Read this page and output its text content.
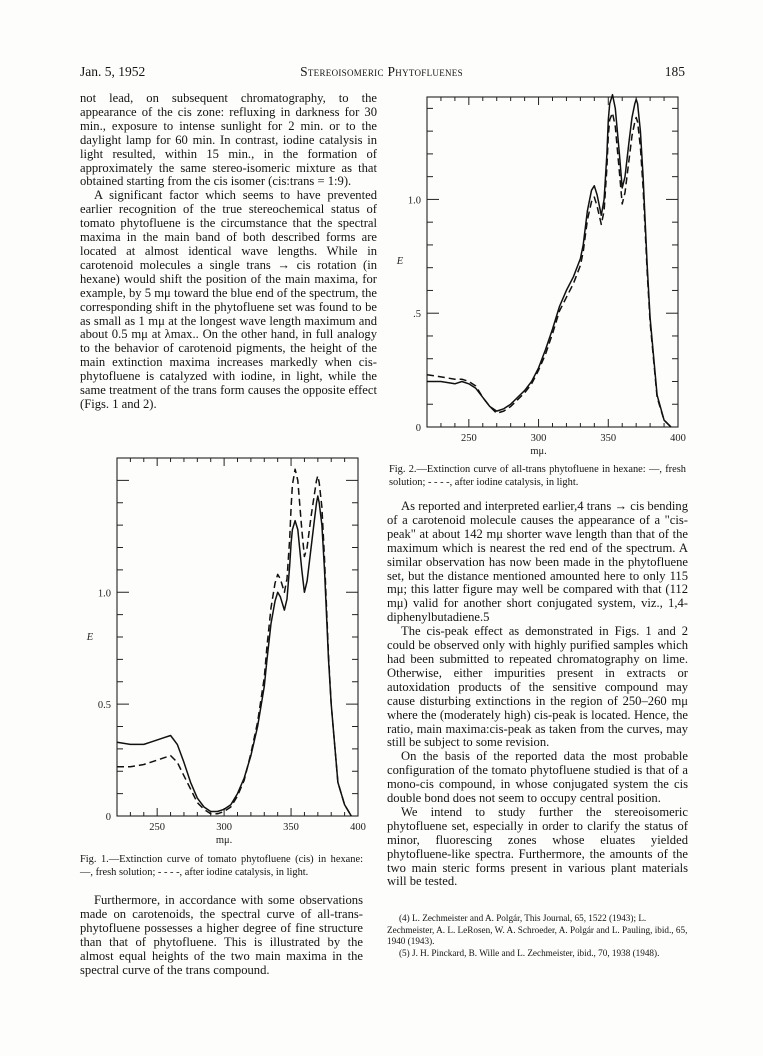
Jan. 5, 1952	Stereoisomeric Phytofluenes	185

not lead, on subsequent chromatography, to the appearance of the cis zone: refluxing in darkness for 30 min., exposure to intense sunlight for 2 min. or to the daylight lamp for 60 min. In contrast, iodine catalysis in light resulted, within 15 min., in the formation of approximately the same stereo-isomeric mixture as that obtained starting from the cis isomer (cis:trans = 1:9).

A significant factor which seems to have prevented earlier recognition of the true stereochemical status of tomato phytofluene is the circumstance that the spectral maxima in the main band of both described forms are located at almost identical wave lengths. While in carotenoid molecules a single trans → cis rotation (in hexane) would shift the position of the main maxima, for example, by 5 mμ toward the blue end of the spectrum, the corresponding shift in the phytofluene set was found to be as small as 1 mμ at the longest wave length maximum and about 0.5 mμ at λmax.. On the other hand, in full analogy to the behavior of carotenoid pigments, the height of the main extinction maxima increases markedly when cis-phytofluene is catalyzed with iodine, in light, while the same treatment of the trans form causes the opposite effect (Figs. 1 and 2).

250	300	350	400
mμ.
0
0.5
1.0
E
250	300	350	400
mμ.
0
.5
1.0
E
Fig. 2.—Extinction curve of all-trans phytofluene in hexane: —, fresh solution; - - - -, after iodine catalysis, in light.
Fig. 1.—Extinction curve of tomato phytofluene (cis) in hexane: —, fresh solution; - - - -, after iodine catalysis, in light.

Furthermore, in accordance with some observations made on carotenoids, the spectral curve of all-trans-phytofluene possesses a higher degree of fine structure than that of phytofluene. This is illustrated by the almost equal heights of the two main maxima in the spectral curve of the trans compound.

As reported and interpreted earlier,4 trans → cis bending of a carotenoid molecule causes the appearance of a "cis-peak" at about 142 mμ shorter wave length than that of the maximum which is nearest the red end of the spectrum. A similar observation has now been made in the phytofluene set, but the distance mentioned amounted here to only 115 mμ; this latter figure may well be compared with that (112 mμ) valid for another short conjugated system, viz., 1,4-diphenylbutadiene.5

The cis-peak effect as demonstrated in Figs. 1 and 2 could be observed only with highly purified samples which had been submitted to repeated chromatography on lime. Otherwise, either impurities present in extracts or autoxidation products of the sensitive compound may cause disturbing extinctions in the region of 250–260 mμ where the (moderately high) cis-peak is located. Hence, the ratio, main maxima:cis-peak as taken from the curves, may still be subject to some revision.

On the basis of the reported data the most probable configuration of the tomato phytofluene studied is that of a mono-cis compound, in whose conjugated system the cis double bond does not seem to occupy central position.

We intend to study further the stereoisomeric phytofluene set, especially in order to clarify the status of minor, fluorescing zones whose eluates yielded phytofluene-like spectra. Furthermore, the amounts of the two main steric forms present in various plant materials will be tested.

(4) L. Zechmeister and A. Polgár, This Journal, 65, 1522 (1943); L. Zechmeister, A. L. LeRosen, W. A. Schroeder, A. Polgár and L. Pauling, ibid., 65, 1940 (1943).

(5) J. H. Pinckard, B. Wille and L. Zechmeister, ibid., 70, 1938 (1948).
